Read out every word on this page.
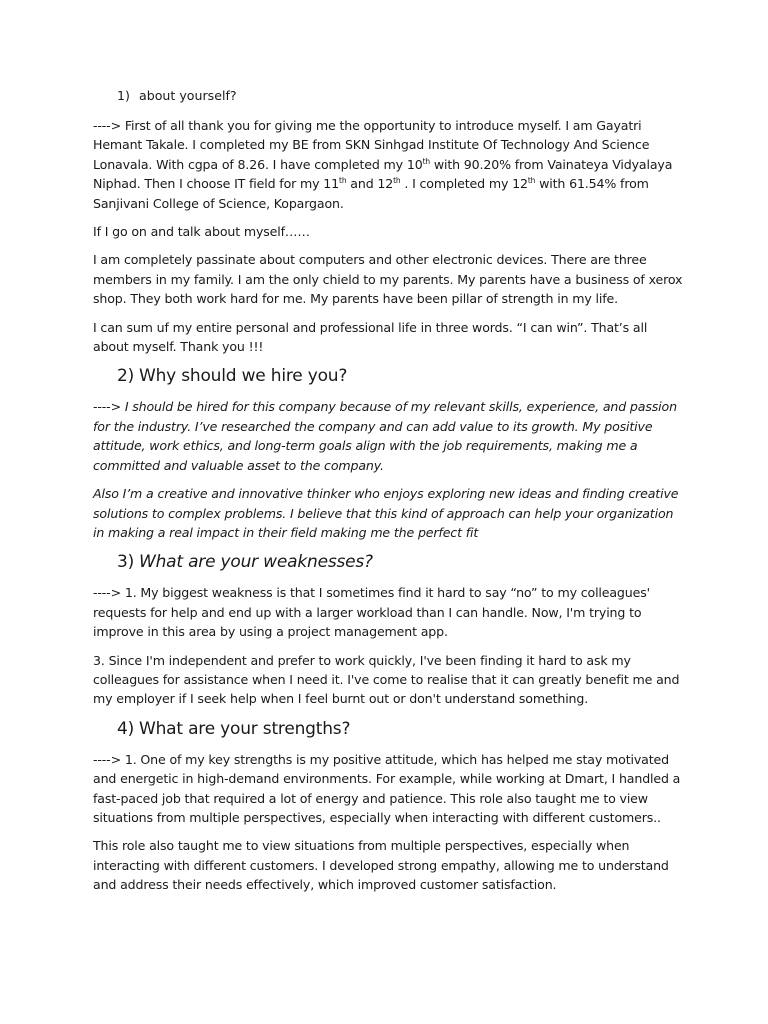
1) about yourself?

----> First of all thank you for giving me the opportunity to introduce myself. I am Gayatri Hemant Takale. I completed my BE from SKN Sinhgad Institute Of Technology And Science Lonavala. With cgpa of 8.26. I have completed my 10th with 90.20% from Vainateya Vidyalaya Niphad. Then I choose IT field for my 11th and 12th . I completed my 12th with 61.54% from Sanjivani College of Science, Kopargaon.

If I go on and talk about myself……

I am completely passinate about computers and other electronic devices. There are three members in my family. I am the only chield to my parents. My parents have a business of xerox shop. They both work hard for me. My parents have been pillar of strength in my life.

I can sum uf my entire personal and professional life in three words. “I can win”. That’s all about myself. Thank you !!!

2) Why should we hire you?

----> I should be hired for this company because of my relevant skills, experience, and passion for the industry. I’ve researched the company and can add value to its growth. My positive attitude, work ethics, and long-term goals align with the job requirements, making me a committed and valuable asset to the company.

Also I’m a creative and innovative thinker who enjoys exploring new ideas and finding creative solutions to complex problems. I believe that this kind of approach can help your organization in making a real impact in their field making me the perfect fit

3) What are your weaknesses?

----> 1. My biggest weakness is that I sometimes find it hard to say “no” to my colleagues' requests for help and end up with a larger workload than I can handle. Now, I'm trying to improve in this area by using a project management app.

3. Since I'm independent and prefer to work quickly, I've been finding it hard to ask my colleagues for assistance when I need it. I've come to realise that it can greatly benefit me and my employer if I seek help when I feel burnt out or don't understand something.

4) What are your strengths?

----> 1. One of my key strengths is my positive attitude, which has helped me stay motivated and energetic in high-demand environments. For example, while working at Dmart, I handled a fast-paced job that required a lot of energy and patience. This role also taught me to view situations from multiple perspectives, especially when interacting with different customers..

This role also taught me to view situations from multiple perspectives, especially when interacting with different customers. I developed strong empathy, allowing me to understand and address their needs effectively, which improved customer satisfaction.
